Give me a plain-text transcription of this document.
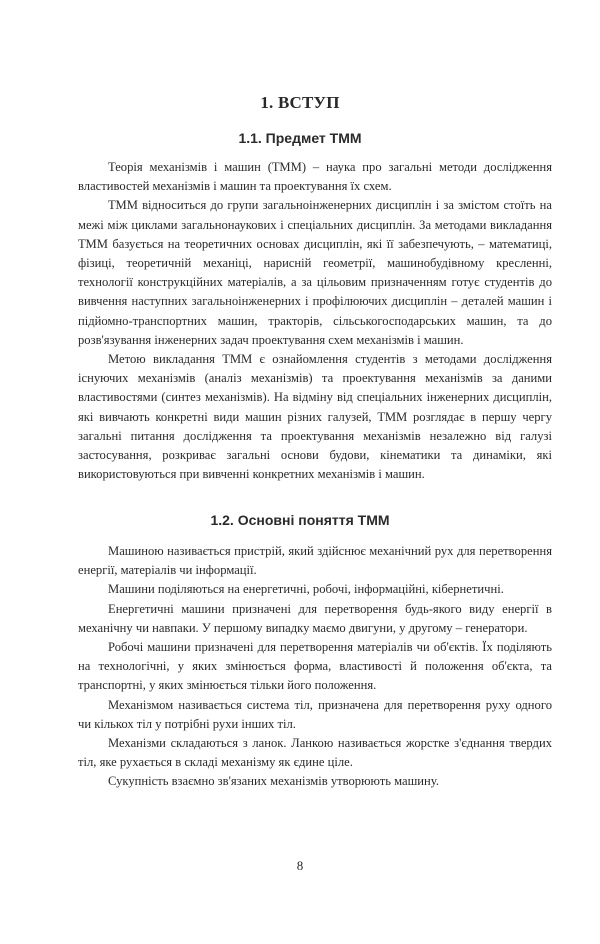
1. ВСТУП
1.1. Предмет ТММ

Теорія механізмів і машин (ТММ) – наука про загальні методи дослідження властивостей механізмів і машин та проектування їх схем.

ТММ відноситься до групи загальноінженерних дисциплін і за змістом стоїть на межі між циклами загальнонаукових і спеціальних дисциплін. За методами викладання ТММ базується на теоретичних основах дисциплін, які її забезпечують, – математиці, фізиці, теоретичній механіці, нарисній геометрії, машинобудівному кресленні, технології конструкційних матеріалів, а за цільовим призначенням готує студентів до вивчення наступних загальноінженерних і профілюючих дисциплін – деталей машин і підйомно-транспортних машин, тракторів, сільськогосподарських машин, та до розв'язування інженерних задач проектування схем механізмів і машин.

Метою викладання ТММ є ознайомлення студентів з методами дослідження існуючих механізмів (аналіз механізмів) та проектування механізмів за даними властивостями (синтез механізмів). На відміну від спеціальних інженерних дисциплін, які вивчають конкретні види машин різних галузей, ТММ розглядає в першу чергу загальні питання дослідження та проектування механізмів незалежно від галузі застосування, розкриває загальні основи будови, кінематики та динаміки, які використовуються при вивченні конкретних механізмів і машин.

1.2. Основні поняття ТММ

Машиною називається пристрій, який здійснює механічний рух для перетворення енергії, матеріалів чи інформації.

Машини поділяються на енергетичні, робочі, інформаційні, кібернетичні.

Енергетичні машини призначені для перетворення будь-якого виду енергії в механічну чи навпаки. У першому випадку маємо двигуни, у другому – генератори.

Робочі машини призначені для перетворення матеріалів чи об'єктів. Їх поділяють на технологічні, у яких змінюється форма, властивості й положення об'єкта, та транспортні, у яких змінюється тільки його положення.

Механізмом називається система тіл, призначена для перетворення руху одного чи кількох тіл у потрібні рухи інших тіл.

Механізми складаються з ланок. Ланкою називається жорстке з'єднання твердих тіл, яке рухається в складі механізму як єдине ціле.

Сукупність взаємно зв'язаних механізмів утворюють машину.

8
